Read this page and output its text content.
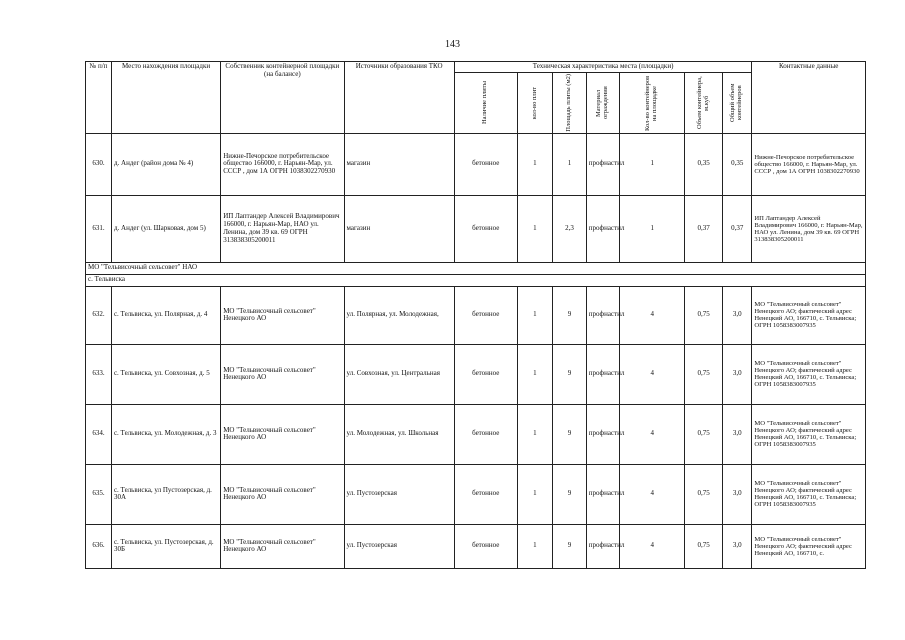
143
№ п/п	Место нахождения площадки	Собственник контейнерной площадки (на балансе)	Источники образования ТКО	Техническая характеристика места (площадки)							Контактные данные

				Наличие плиты	кол-во плит	Площадь плиты (м2)	Материал ограждения	Кол-во контейнеров на площадке	Объем контейнера, м.куб	Общий объем контейнеров	

630.	д. Андег (район дома № 4)	Нижне-Печорское потребительское общество 166000, г. Нарьян-Мар, ул. СССР , дом 1А ОГРН 1038302270930	магазин	бетонное	1	1	профнастил	1	0,35	0,35	Нижне-Печорское потребительское общество 166000, г. Нарьян-Мар, ул. СССР , дом 1А ОГРН 1038302270930
631.	д. Андег (ул. Шарковая, дом 5)	ИП Лаптандер Алексей Владимирович 166000, г. Нарьян-Мар, НАО ул. Ленина, дом 39 кв. 69 ОГРН 313838305200011	магазин	бетонное	1	2,3	профнастил	1	0,37	0,37	ИП Лаптандер Алексей Владимирович 166000, г. Нарьян-Мар, НАО ул. Ленина, дом 39 кв. 69 ОГРН 313838305200011
МО "Тельвисочный сельсовет" НАО											
с. Тельвиска											
632.	с. Тельвиска, ул. Полярная, д. 4	МО "Тельвисочный сельсовет" Ненецкого АО	ул. Полярная, ул. Молодежная,	бетонное	1	9	профнастил	4	0,75	3,0	МО "Тельвисочный сельсовет" Ненецкого АО; фактический адрес Ненецкий АО, 166710, с. Тельвиска; ОГРН 1058383007935
633.	с. Тельвиска, ул. Совхозная, д. 5	МО "Тельвисочный сельсовет" Ненецкого АО	ул. Совхозная, ул. Центральная	бетонное	1	9	профнастил	4	0,75	3,0	МО "Тельвисочный сельсовет" Ненецкого АО; фактический адрес Ненецкий АО, 166710, с. Тельвиска; ОГРН 1058383007935
634.	с. Тельвиска, ул. Молодежная, д. 3	МО "Тельвисочный сельсовет" Ненецкого АО	ул. Молодежная, ул. Школьная	бетонное	1	9	профнастил	4	0,75	3,0	МО "Тельвисочный сельсовет" Ненецкого АО; фактический адрес Ненецкий АО, 166710, с. Тельвиска; ОГРН 1058383007935
635.	с. Тельвиска, ул Пустозерская, д. 30А	МО "Тельвисочный сельсовет" Ненецкого АО	ул. Пустозерская	бетонное	1	9	профнастил	4	0,75	3,0	МО "Тельвисочный сельсовет" Ненецкого АО; фактический адрес Ненецкий АО, 166710, с. Тельвиска; ОГРН 1058383007935
636.	с. Тельвиска, ул. Пустозерская, д. 30Б	МО "Тельвисочный сельсовет" Ненецкого АО	ул. Пустозерская	бетонное	1	9	профнастил	4	0,75	3,0	МО "Тельвисочный сельсовет" Ненецкого АО; фактический адрес Ненецкий АО, 166710, с.
